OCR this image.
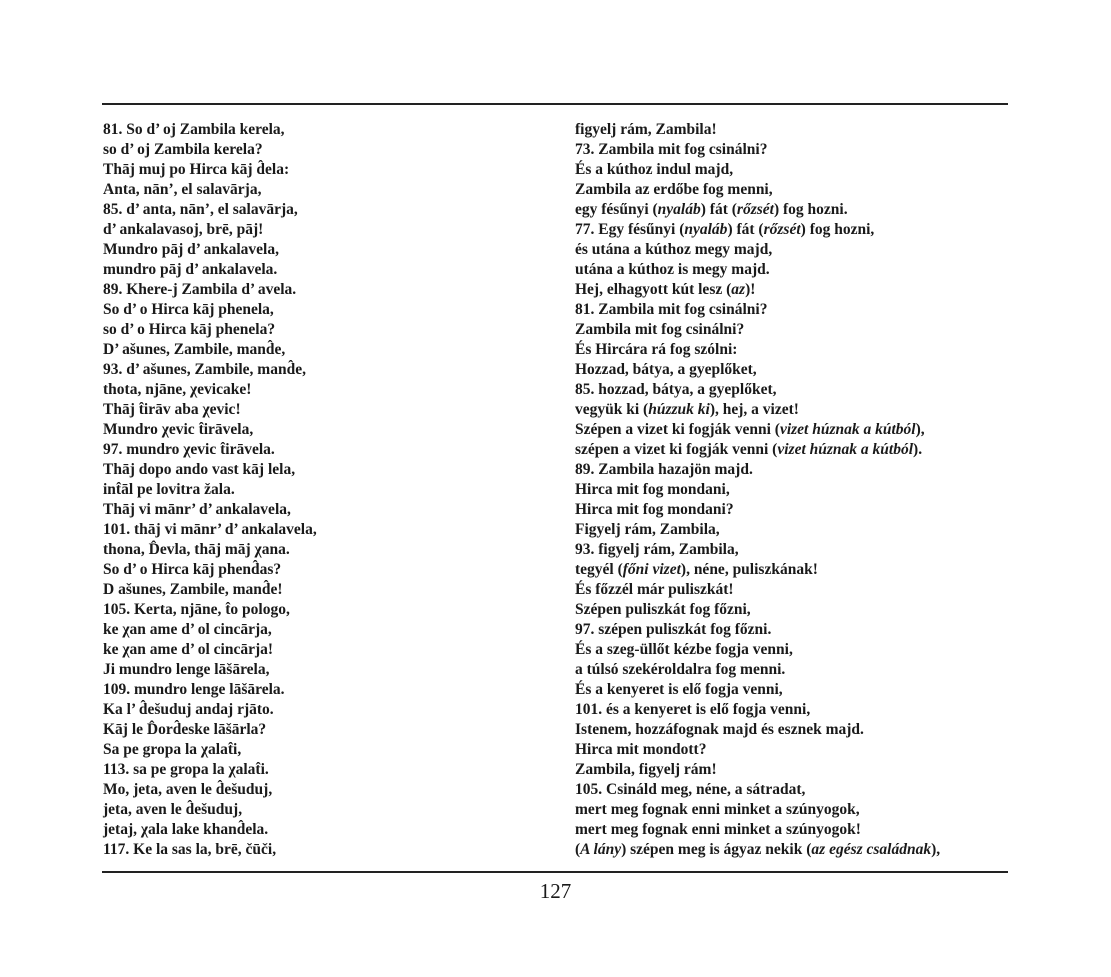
81. So d’ oj Zambila kerela,
so d’ oj Zambila kerela?
Thāj muj po Hirca kāj d̂ela:
Anta, nān’, el salavārja,
85. d’ anta, nān’, el salavārja,
d’ ankalavasoj, brē, pāj!
Mundro pāj d’ ankalavela,
mundro pāj d’ ankalavela.
89. Khere-j Zambila d’ avela.
So d’ o Hirca kāj phenela,
so d’ o Hirca kāj phenela?
D’ ašunes, Zambile, mand̂e,
93. d’ ašunes, Zambile, mand̂e,
thota, njāne, χevicake!
Thāj t̂irāv aba χevic!
Mundro χevic t̂irāvela,
97. mundro χevic t̂irāvela.
Thāj dopo ando vast kāj lela,
int̂āl pe lovitra žala.
Thāj vi mānr’ d’ ankalavela,
101. thāj vi mānr’ d’ ankalavela,
thona, D̂evla, thāj māj χana.
So d’ o Hirca kāj phend̂as?
D ašunes, Zambile, mand̂e!
105. Kerta, njāne, t̂o pologo,
ke χan ame d’ ol cincārja,
ke χan ame d’ ol cincārja!
Ji mundro lenge lāšārela,
109. mundro lenge lāšārela.
Ka l’ d̂ešuduj andaj rjāto.
Kāj le D̂ord̂eske lāšārla?
Sa pe gropa la χalat̂i,
113. sa pe gropa la χalat̂i.
Mo, jeta, aven le d̂ešuduj,
jeta, aven le d̂ešuduj,
jetaj, χala lake khand̂ela.
117. Ke la sas la, brē, čūči,
figyelj rám, Zambila!
73. Zambila mit fog csinálni?
És a kúthoz indul majd,
Zambila az erdőbe fog menni,
egy fésűnyi (nyaláb) fát (rőzsét) fog hozni.
77. Egy fésűnyi (nyaláb) fát (rőzsét) fog hozni,
és utána a kúthoz megy majd,
utána a kúthoz is megy majd.
Hej, elhagyott kút lesz (az)!
81. Zambila mit fog csinálni?
Zambila mit fog csinálni?
És Hircára rá fog szólni:
Hozzad, bátya, a gyeplőket,
85. hozzad, bátya, a gyeplőket,
vegyük ki (húzzuk ki), hej, a vizet!
Szépen a vizet ki fogják venni (vizet húznak a kútból),
szépen a vizet ki fogják venni (vizet húznak a kútból).
89. Zambila hazajön majd.
Hirca mit fog mondani,
Hirca mit fog mondani?
Figyelj rám, Zambila,
93. figyelj rám, Zambila,
tegyél (főni vizet), néne, puliszkának!
És főzzél már puliszkát!
Szépen puliszkát fog főzni,
97. szépen puliszkát fog főzni.
És a szeg-üllőt kézbe fogja venni,
a túlsó szekéroldalra fog menni.
És a kenyeret is elő fogja venni,
101. és a kenyeret is elő fogja venni,
Istenem, hozzáfognak majd és esznek majd.
Hirca mit mondott?
Zambila, figyelj rám!
105. Csináld meg, néne, a sátradat,
mert meg fognak enni minket a szúnyogok,
mert meg fognak enni minket a szúnyogok!
(A lány) szépen meg is ágyaz nekik (az egész családnak),
127
